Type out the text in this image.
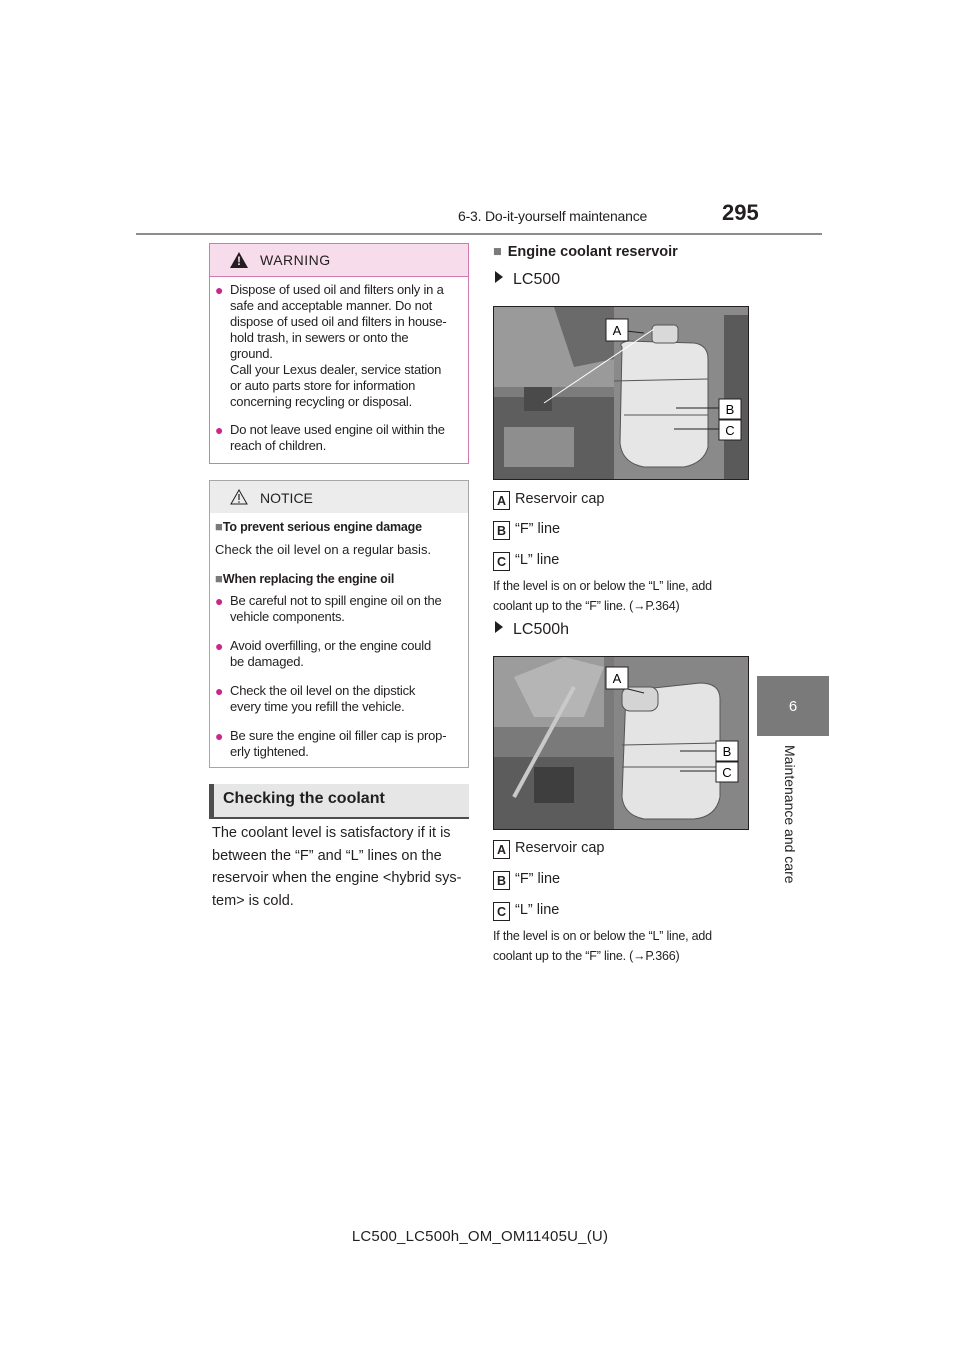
6-3. Do-it-yourself maintenance	295
6
Maintenance and care
!
WARNING
● Dispose of used oil and filters only in a
safe and acceptable manner. Do not
dispose of used oil and filters in house-
hold trash, in sewers or onto the
ground.
Call your Lexus dealer, service station
or auto parts store for information
concerning recycling or disposal.
● Do not leave used engine oil within the
reach of children.
NOTICE
■To prevent serious engine damage
Check the oil level on a regular basis.
■When replacing the engine oil
● Be careful not to spill engine oil on the
vehicle components.
● Avoid overfilling, or the engine could
be damaged.
● Check the oil level on the dipstick
every time you refill the vehicle.
● Be sure the engine oil filler cap is prop-
erly tightened.
Checking the coolant
The coolant level is satisfactory if it is
between the “F” and “L” lines on the
reservoir when the engine <hybrid sys-
tem> is cold.
■ Engine coolant reservoir
LC500
A
B
C
A Reservoir cap
B “F” line
C “L” line
If the level is on or below the “L” line, add
coolant up to the “F” line. (→P.364)
LC500h
A
B
C
A Reservoir cap
B “F” line
C “L” line
If the level is on or below the “L” line, add
coolant up to the “F” line. (→P.366)
LC500_LC500h_OM_OM11405U_(U)
